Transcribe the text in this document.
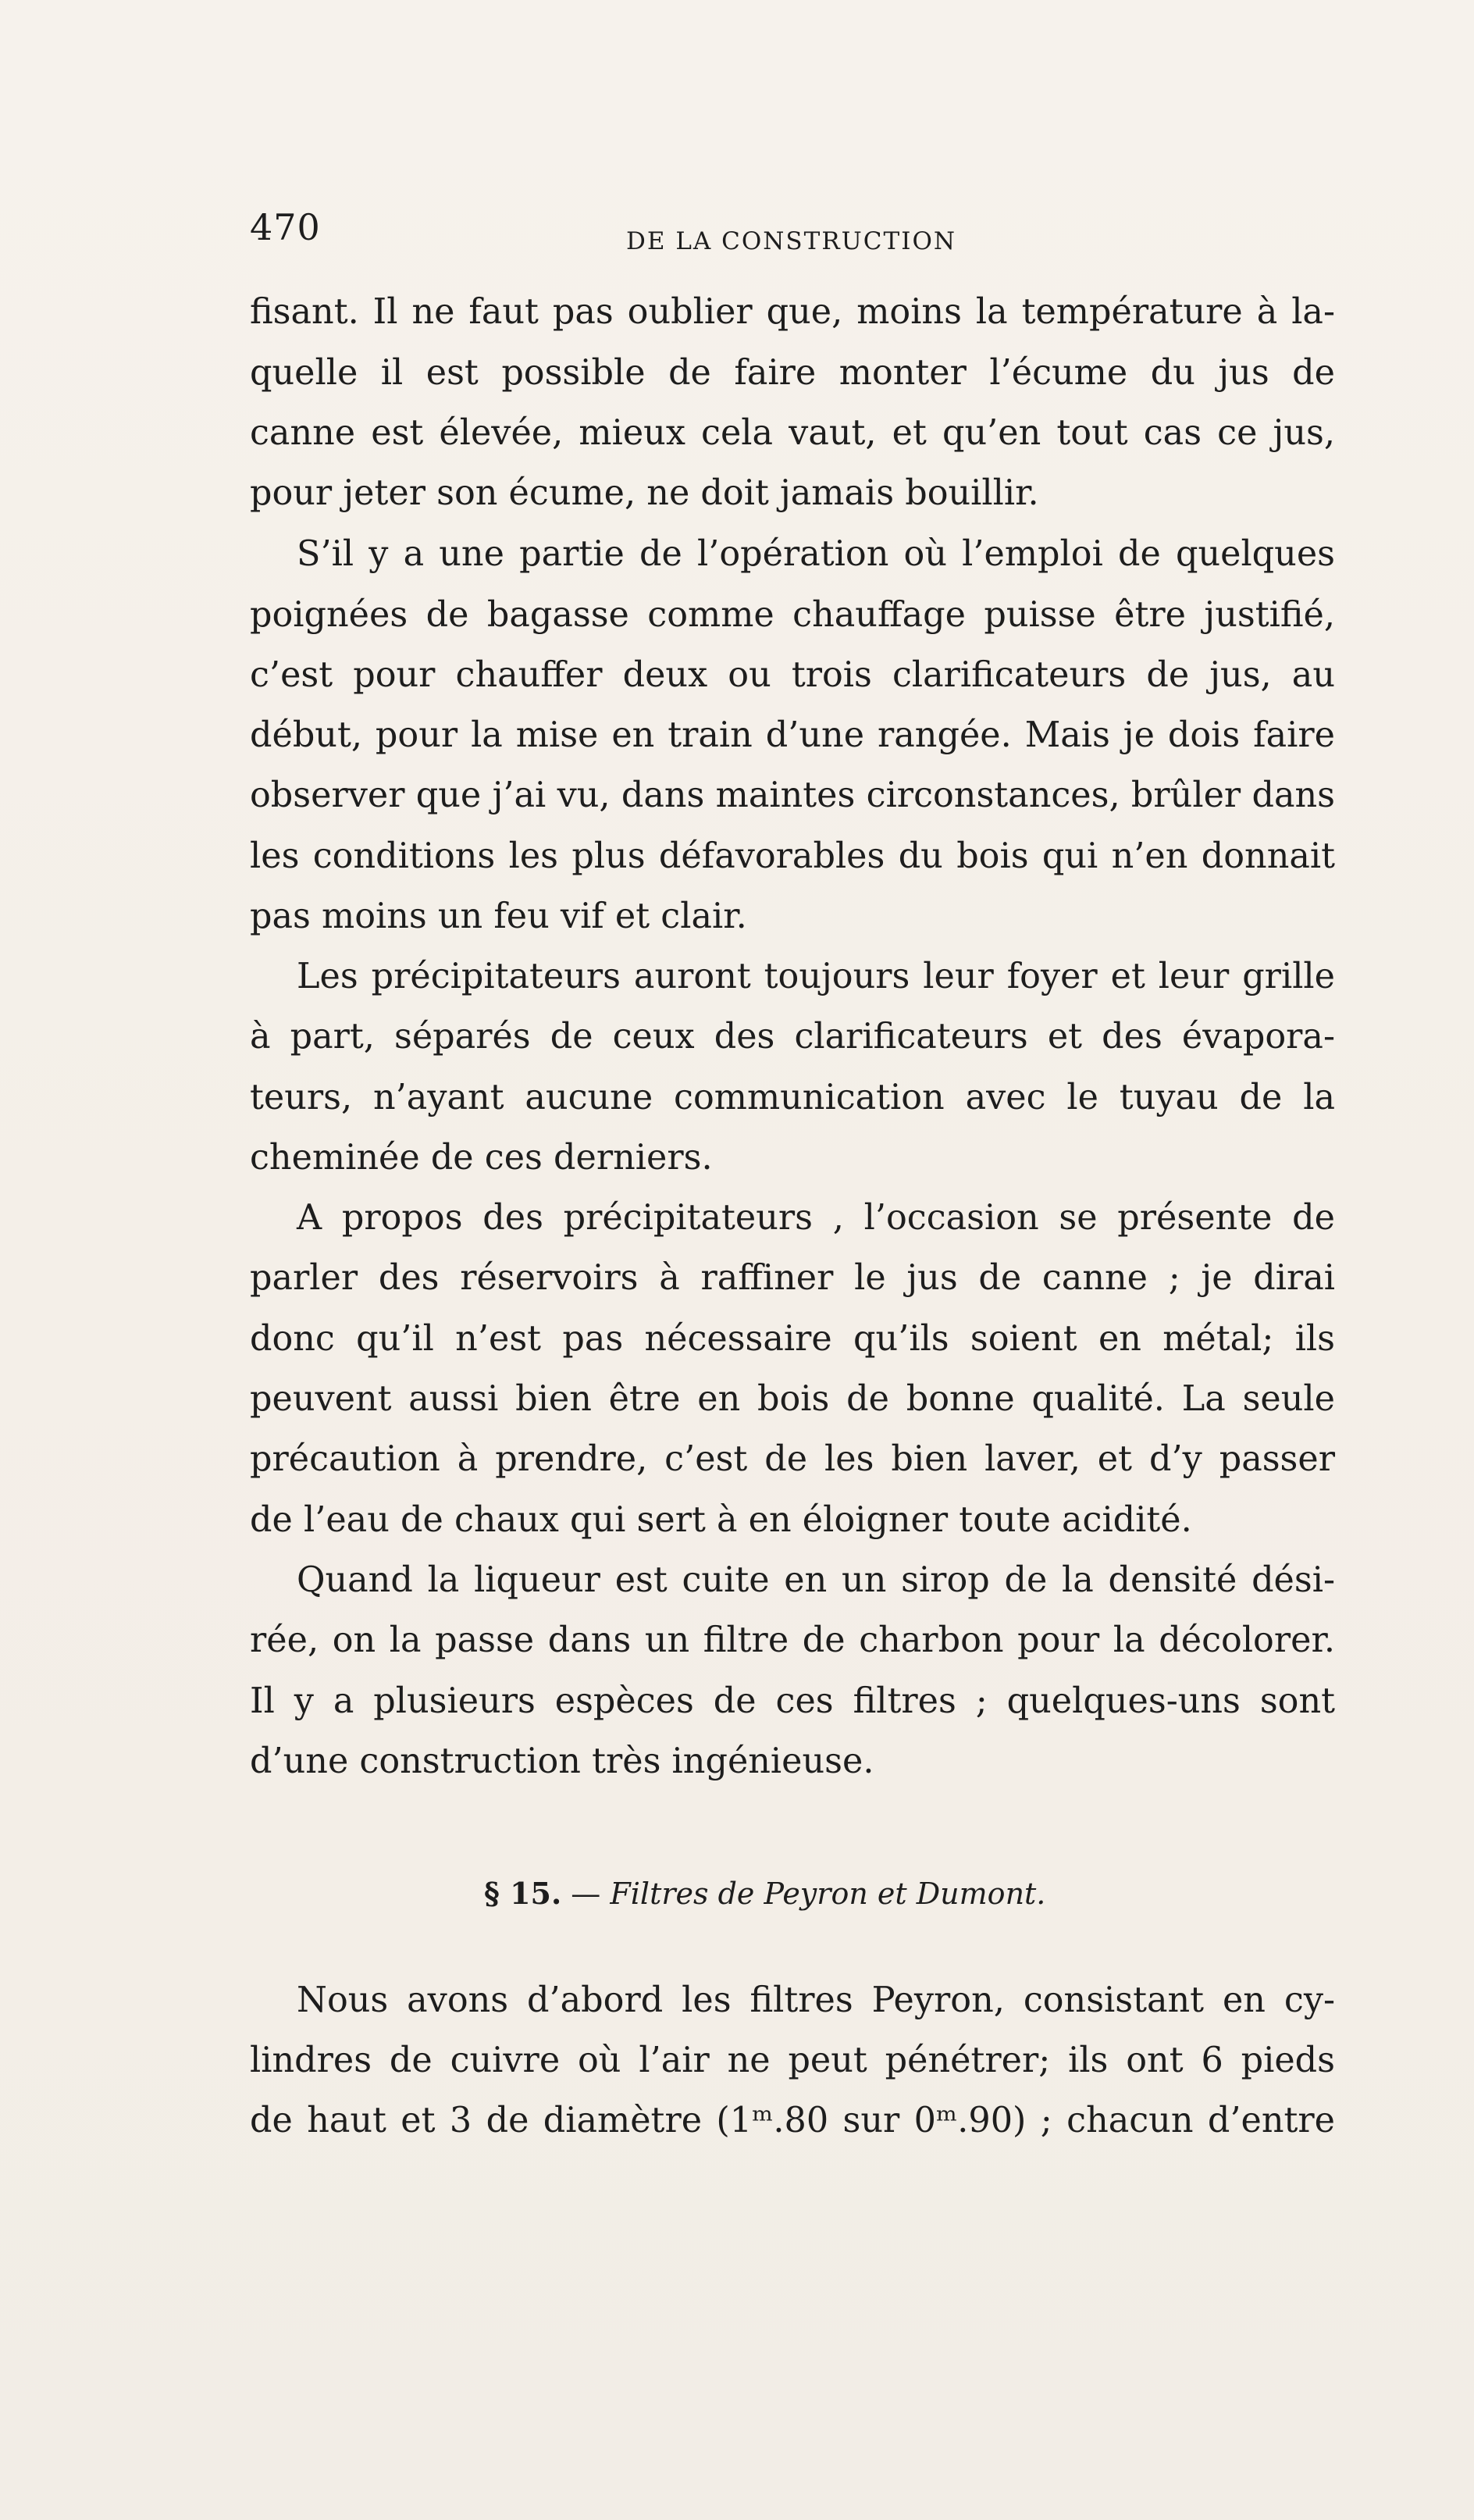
470	DE LA CONSTRUCTION
fisant. Il ne faut pas oublier que, moins la température à la-
quelle il est possible de faire monter l’écume du jus de
canne est élevée, mieux cela vaut, et qu’en tout cas ce jus,
pour jeter son écume, ne doit jamais bouillir.
S’il y a une partie de l’opération où l’emploi de quelques
poignées de bagasse comme chauffage puisse être justifié,
c’est pour chauffer deux ou trois clarificateurs de jus, au
début, pour la mise en train d’une rangée. Mais je dois faire
observer que j’ai vu, dans maintes circonstances, brûler dans
les conditions les plus défavorables du bois qui n’en donnait
pas moins un feu vif et clair.
Les précipitateurs auront toujours leur foyer et leur grille
à part, séparés de ceux des clarificateurs et des évapora-
teurs, n’ayant aucune communication avec le tuyau de la
cheminée de ces derniers.
A propos des précipitateurs , l’occasion se présente de
parler des réservoirs à raffiner le jus de canne ; je dirai
donc qu’il n’est pas nécessaire qu’ils soient en métal; ils
peuvent aussi bien être en bois de bonne qualité. La seule
précaution à prendre, c’est de les bien laver, et d’y passer
de l’eau de chaux qui sert à en éloigner toute acidité.
Quand la liqueur est cuite en un sirop de la densité dési-
rée, on la passe dans un filtre de charbon pour la décolorer.
Il y a plusieurs espèces de ces filtres ; quelques-uns sont
d’une construction très ingénieuse.
§ 15. — Filtres de Peyron et Dumont.
Nous avons d’abord les filtres Peyron, consistant en cy-
lindres de cuivre où l’air ne peut pénétrer; ils ont 6 pieds
de haut et 3 de diamètre (1ᵐ.80 sur 0ᵐ.90) ; chacun d’entre
